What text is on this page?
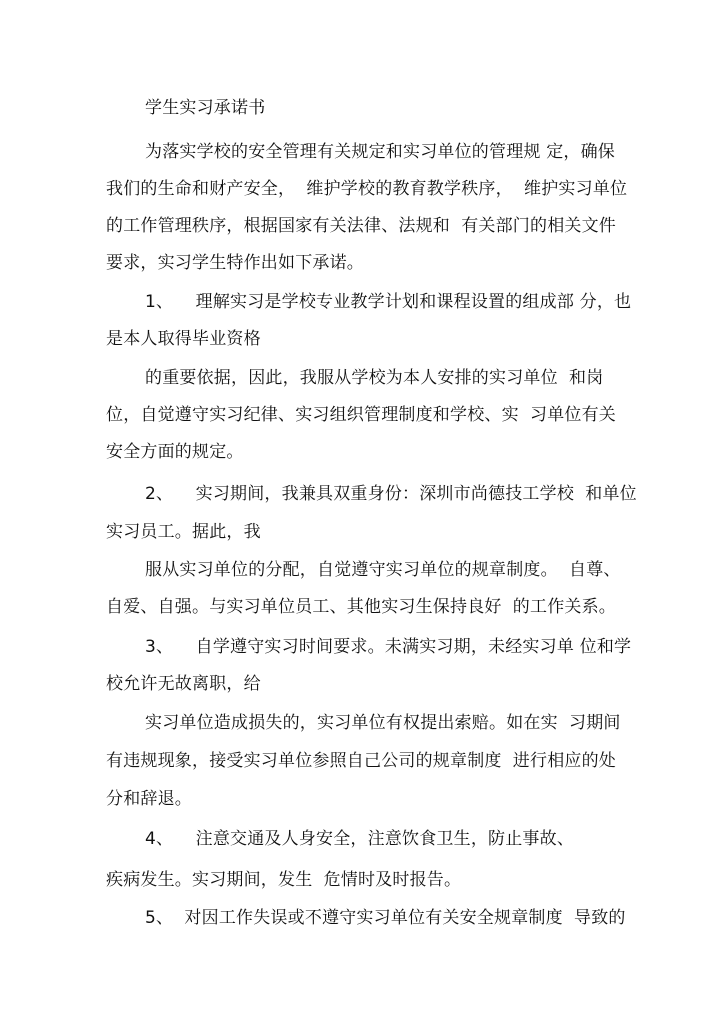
学生实习承诺书
为落实学校的安全管理有关规定和实习单位的管理规 定，确保
我们的生命和财产安全，  维护学校的教育教学秩序，  维护实习单位
的工作管理秩序，根据国家有关法律、法规和  有关部门的相关文件
要求，实习学生特作出如下承诺。
1、    理解实习是学校专业教学计划和课程设置的组成部 分，也
是本人取得毕业资格
的重要依据，因此，我服从学校为本人安排的实习单位  和岗
位，自觉遵守实习纪律、实习组织管理制度和学校、实  习单位有关
安全方面的规定。
2、    实习期间，我兼具双重身份：深圳市尚德技工学校  和单位
实习员工。据此，我
服从实习单位的分配，自觉遵守实习单位的规章制度。  自尊、
自爱、自强。与实习单位员工、其他实习生保持良好  的工作关系。
3、    自学遵守实习时间要求。未满实习期，未经实习单 位和学
校允许无故离职，给
实习单位造成损失的，实习单位有权提出索赔。如在实  习期间
有违规现象，接受实习单位参照自己公司的规章制度  进行相应的处
分和辞退。
4、    注意交通及人身安全，注意饮食卫生，防止事故、
疾病发生。实习期间，发生  危情时及时报告。
5、  对因工作失误或不遵守实习单位有关安全规章制度  导致的
